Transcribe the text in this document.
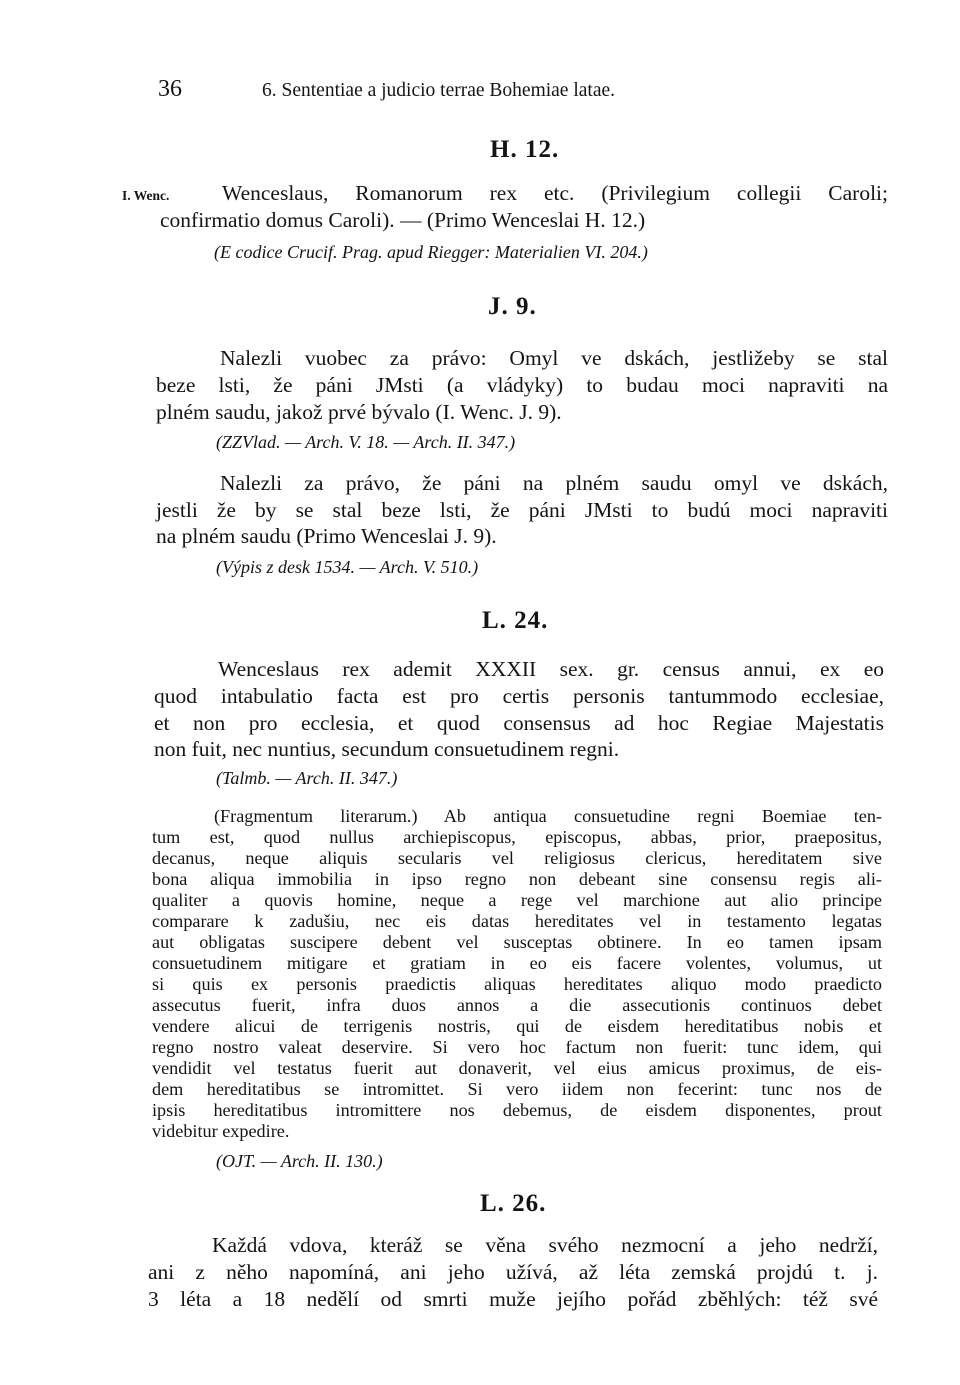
36	6. Sententiae a judicio terrae Bohemiae latae.
H. 12.
I. Wenc. Wenceslaus, Romanorum rex etc. (Privilegium collegii Caroli;
confirmatio domus Caroli). — (Primo Wenceslai H. 12.)
(E codice Crucif. Prag. apud Riegger: Materialien VI. 204.)
J. 9.
Nalezli vuobec za právo: Omyl ve dskách, jestližeby se stal
beze lsti, že páni JMsti (a vládyky) to budau moci napraviti na
plném saudu, jakož prvé bývalo (I. Wenc. J. 9).
(ZZVlad. — Arch. V. 18. — Arch. II. 347.)
Nalezli za právo, že páni na plném saudu omyl ve dskách,
jestli že by se stal beze lsti, že páni JMsti to budú moci napraviti
na plném saudu (Primo Wenceslai J. 9).
(Výpis z desk 1534. — Arch. V. 510.)
L. 24.
Wenceslaus rex ademit XXXII sex. gr. census annui, ex eo
quod intabulatio facta est pro certis personis tantummodo ecclesiae,
et non pro ecclesia, et quod consensus ad hoc Regiae Majestatis
non fuit, nec nuntius, secundum consuetudinem regni.
(Talmb. — Arch. II. 347.)
(Fragmentum literarum.) Ab antiqua consuetudine regni Boemiae ten-
tum est, quod nullus archiepiscopus, episcopus, abbas, prior, praepositus,
decanus, neque aliquis secularis vel religiosus clericus, hereditatem sive
bona aliqua immobilia in ipso regno non debeant sine consensu regis ali-
qualiter a quovis homine, neque a rege vel marchione aut alio principe
comparare k zadušiu, nec eis datas hereditates vel in testamento legatas
aut obligatas suscipere debent vel susceptas obtinere. In eo tamen ipsam
consuetudinem mitigare et gratiam in eo eis facere volentes, volumus, ut
si quis ex personis praedictis aliquas hereditates aliquo modo praedicto
assecutus fuerit, infra duos annos a die assecutionis continuos debet
vendere alicui de terrigenis nostris, qui de eisdem hereditatibus nobis et
regno nostro valeat deservire. Si vero hoc factum non fuerit: tunc idem, qui
vendidit vel testatus fuerit aut donaverit, vel eius amicus proximus, de eis-
dem hereditatibus se intromittet. Si vero iidem non fecerint: tunc nos de
ipsis hereditatibus intromittere nos debemus, de eisdem disponentes, prout
videbitur expedire.
(OJT. — Arch. II. 130.)
L. 26.
Každá vdova, kteráž se věna svého nezmocní a jeho nedrží,
ani z něho napomíná, ani jeho užívá, až léta zemská projdú t. j.
3 léta a 18 nedělí od smrti muže jejího pořád zběhlých: též své
